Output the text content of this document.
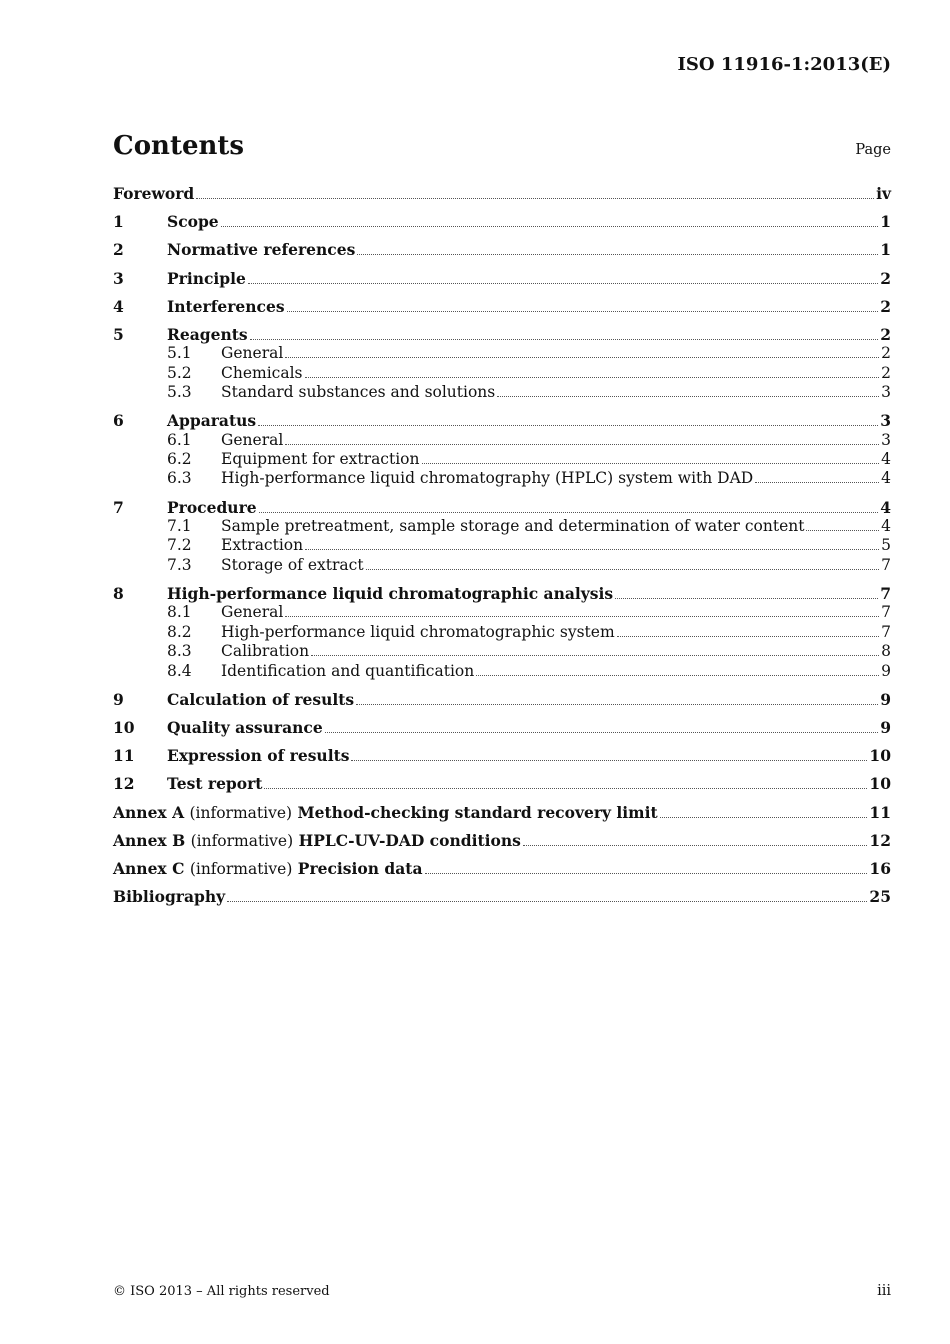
ISO 11916-1:2013(E)
Contents	Page
Foreword	iv
1	Scope	1
2	Normative references	1
3	Principle	2
4	Interferences	2
5	Reagents	2
5.1	General	2
5.2	Chemicals	2
5.3	Standard substances and solutions	3
6	Apparatus	3
6.1	General	3
6.2	Equipment for extraction	4
6.3	High-performance liquid chromatography (HPLC) system with DAD	4
7	Procedure	4
7.1	Sample pretreatment, sample storage and determination of water content	4
7.2	Extraction	5
7.3	Storage of extract	7
8	High-performance liquid chromatographic analysis	7
8.1	General	7
8.2	High-performance liquid chromatographic system	7
8.3	Calibration	8
8.4	Identification and quantification	9
9	Calculation of results	9
10	Quality assurance	9
11	Expression of results	10
12	Test report	10
Annex A (informative) Method-checking standard recovery limit	11
Annex B (informative) HPLC-UV-DAD conditions	12
Annex C (informative) Precision data	16
Bibliography	25
© ISO 2013 – All rights reserved	iii
